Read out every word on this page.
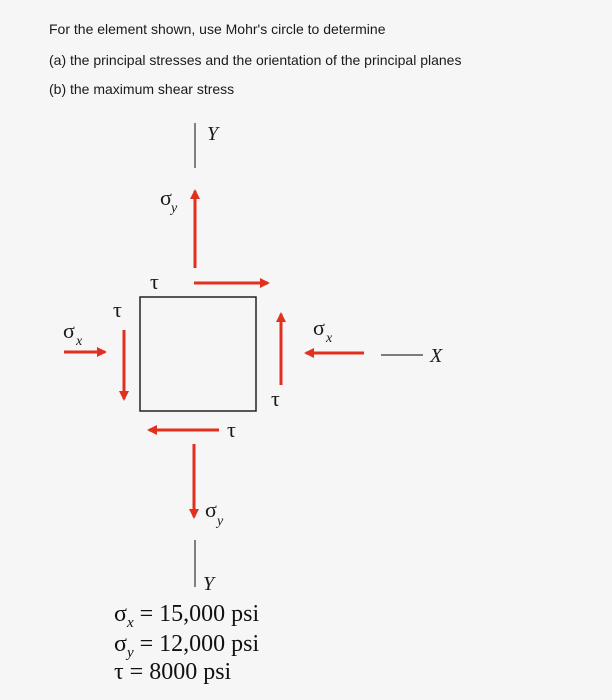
For the element shown, use Mohr's circle to determine
(a) the principal stresses and the orientation of the principal planes
(b) the maximum shear stress
Y
Y
X
σ y
τ
σ x
τ
τ
σ x
τ
σ y
$\sigma_x = 15,000$ psi
$\sigma_y = 12,000$ psi
τ = 8000 psi
